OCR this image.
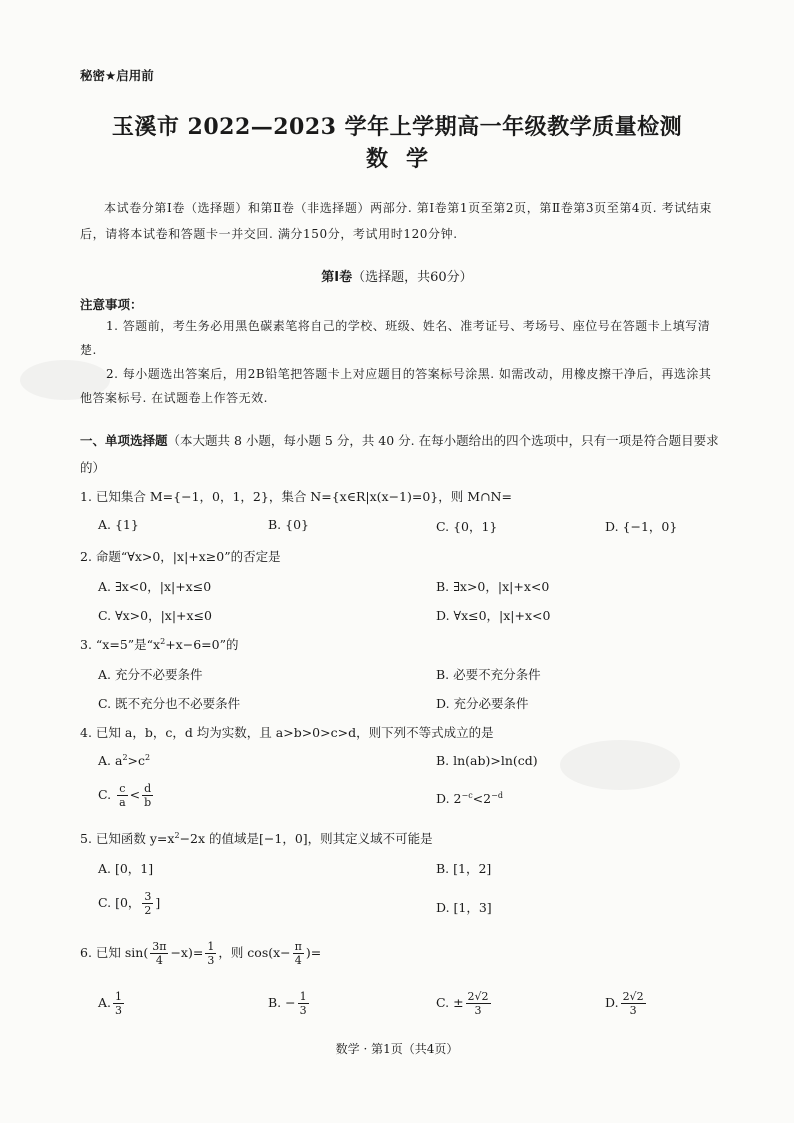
秘密★启用前
玉溪市 2022—2023 学年上学期高一年级教学质量检测
数学
本试卷分第Ⅰ卷（选择题）和第Ⅱ卷（非选择题）两部分. 第Ⅰ卷第1页至第2页，第Ⅱ卷第3页至第4页. 考试结束后，请将本试卷和答题卡一并交回. 满分150分，考试用时120分钟.
第Ⅰ卷（选择题，共60分）
注意事项：
1. 答题前，考生务必用黑色碳素笔将自己的学校、班级、姓名、准考证号、考场号、座位号在答题卡上填写清楚.
2. 每小题选出答案后，用2B铅笔把答题卡上对应题目的答案标号涂黑. 如需改动，用橡皮擦干净后，再选涂其他答案标号. 在试题卷上作答无效.
一、单项选择题（本大题共 8 小题，每小题 5 分，共 40 分. 在每小题给出的四个选项中，只有一项是符合题目要求的）
1. 已知集合 M={−1，0，1，2}，集合 N={x∈R|x(x−1)=0}，则 M∩N=
A. {1}	B. {0}	C. {0，1}	D. {−1，0}
2. 命题“∀x>0，|x|+x≥0”的否定是
A. ∃x<0，|x|+x≤0	B. ∃x>0，|x|+x<0
C. ∀x>0，|x|+x≤0	D. ∀x≤0，|x|+x<0
3. “x=5”是“$x^2+x-6=0$”的
A. 充分不必要条件	B. 必要不充分条件
C. 既不充分也不必要条件	D. 充分必要条件
4. 已知 a，b，c，d 均为实数，且 a>b>0>c>d，则下列不等式成立的是
A. $a^2>c^2$	B. ln(ab)>ln(cd)
C. $\frac{c}{a} < \frac{d}{b}$	D. $2^{-c}<2^{-d}$
5. 已知函数 $y=x^2-2x$ 的值域是[−1，0]，则其定义域不可能是
A. [0，1]	B. [1，2]
C. [0， $\frac{3}{2}$ ]	D. [1，3]
6. 已知 $\sin( \frac{3\pi}{4} -x)= \frac{1}{3}$ ，则 $\cos(x- \frac{\pi}{4}$ )=
A. $\frac{1}{3}$	B. − $\frac{1}{3}$	C. ± $\frac{2√2}{3}$	D. $\frac{2√2}{3}$
数学 · 第1页（共4页）
